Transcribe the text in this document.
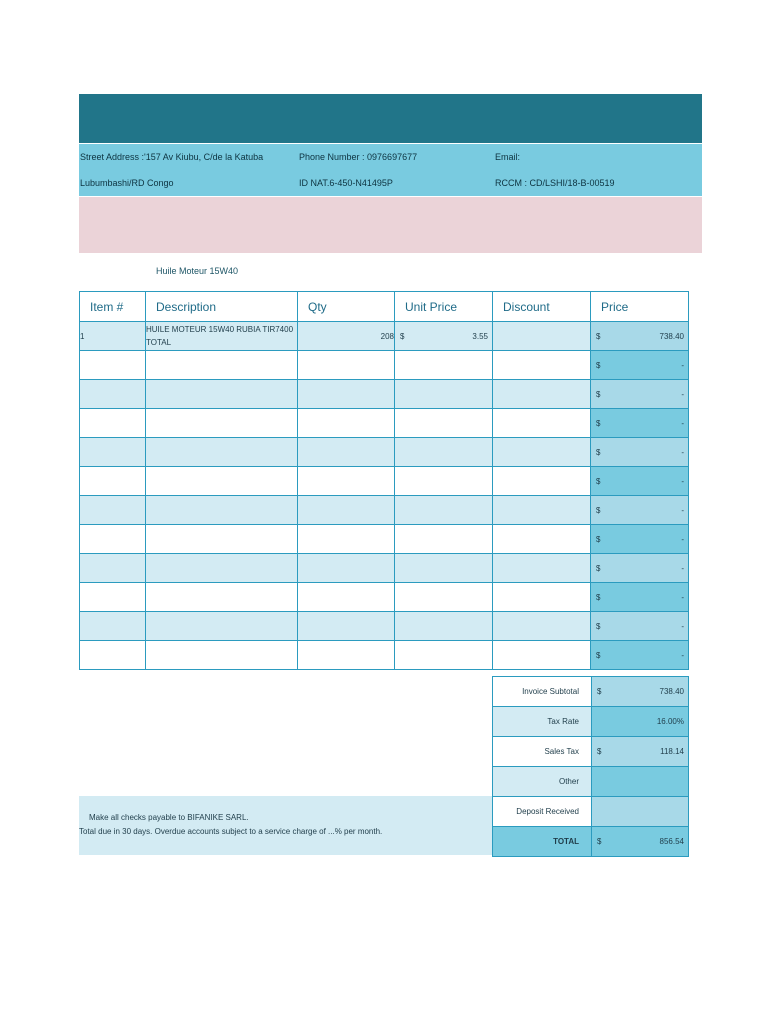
Street Address :'157 Av Kiubu, C/de la Katuba	Phone Number : 0976697677	Email:
Lubumbashi/RD Congo	ID NAT.6-450-N41495P	RCCM : CD/LSHI/18-B-00519
Huile Moteur 15W40
Item #	Description	Qty	Unit Price	Discount	Price
1	HUILE MOTEUR 15W40 RUBIA TIR7400 TOTAL	208	$ 3.55		$ 738.40

					$ -

					$ -

					$ -

					$ -

					$ -

					$ -

					$ -

					$ -

					$ -

					$ -

					$ -
Invoice Subtotal	$ 738.40

Tax Rate	16.00%

Sales Tax	$ 118.14

Other	
Deposit Received	
TOTAL	$ 856.54
Make all checks payable to BIFANIKE SARL.
Total due in 30 days. Overdue accounts subject to a service charge of ...% per month.
